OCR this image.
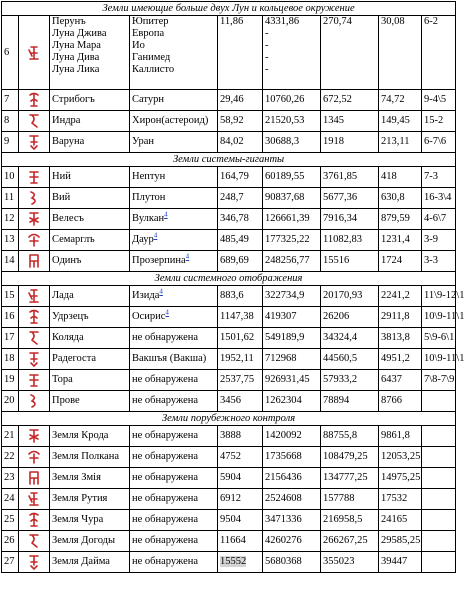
Земли имеющие больше двух Лун и кольцевое окружение								
6		Перунъ
Луна Джива
Луна Мара
Луна Дива
Луна Лика	Юпитер
Европа
Ио
Ганимед
Каллисто	11,86	4331,86
-
-
-
-	270,74	30,08	6-2
7		Стрибогъ	Сатурн	29,46	10760,26	672,52	74,72	9-4\5
8		Индра	Хирон(астероид)	58,92	21520,53	1345	149,45	15-2
9		Варуна	Уран	84,02	30688,3	1918	213,11	6-7\6
Земли системы-гиганты								
10		Ний	Нептун	164,79	60189,55	3761,85	418	7-3
11		Вий	Плутон	248,7	90837,68	5677,36	630,8	16-3\4
12		Велесъ	Вулкан$^4$	346,78	126661,39	7916,34	879,59	4-6\7
13		Семарглъ	Даур$^4$	485,49	177325,22	11082,83	1231,4	3-9
14		Одинъ	Прозерпина$^4$	689,69	248256,77	15516	1724	3-3
Земли системного отображения								
15		Лада	Изида$^4$	883,6	322734,9	20170,93	2241,2	11\9-12\1
16		Удрзецъ	Осирис$^4$	1147,38	419307	26206	2911,8	10\9-11\1
17		Колядa	не обнаружена	1501,62	549189,9	34324,4	3813,8	5\9-6\1
18		Радегоста	Вакшъя (Вакша)	1952,11	712968	44560,5	4951,2	10\9-11\1
19		Тора	не обнаружена	2537,75	926931,45	57933,2	6437	7\8-7\9
20		Прове	не обнаружена	3456	1262304	78894	8766	
Земли порубежного контроля								
21		Земля Крода	не обнаружена	3888	1420092	88755,8	9861,8	
22		Земля Полкана	не обнаружена	4752	1735668	108479,25	12053,25	
23		Земля Змія	не обнаружена	5904	2156436	134777,25	14975,25	
24		Земля Рутия	не обнаружена	6912	2524608	157788	17532	
25		Земля Чура	не обнаружена	9504	3471336	216958,5	24165	
26		Земля Догоды	не обнаружена	11664	4260276	266267,25	29585,25	
27		Земля Дайма	не обнаружена	15552	5680368	355023	39447	
